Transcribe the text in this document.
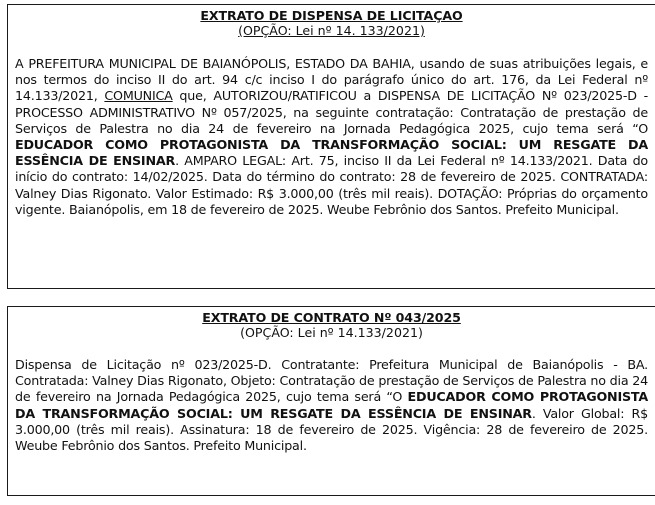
EXTRATO DE DISPENSA DE LICITAÇAO
(OPÇÃO: Lei nº 14. 133/2021)
A PREFEITURA MUNICIPAL DE BAIANÓPOLIS, ESTADO DA BAHIA, usando de suas atribuições legais, e nos termos do inciso II do art. 94 c/c inciso I do parágrafo único do art. 176, da Lei Federal nº 14.133/2021, COMUNICA que, AUTORIZOU/RATIFICOU a DISPENSA DE LICITAÇÃO Nº 023/2025-D - PROCESSO ADMINISTRATIVO Nº 057/2025, na seguinte contratação: Contratação de prestação de Serviços de Palestra no dia 24 de fevereiro na Jornada Pedagógica 2025, cujo tema será “O EDUCADOR COMO PROTAGONISTA DA TRANSFORMAÇÃO SOCIAL: UM RESGATE DA ESSÊNCIA DE ENSINAR. AMPARO LEGAL: Art. 75, inciso II da Lei Federal nº 14.133/2021. Data do início do contrato: 14/02/2025. Data do término do contrato: 28 de fevereiro de 2025. CONTRATADA: Valney Dias Rigonato. Valor Estimado: R$ 3.000,00 (três mil reais). DOTAÇÃO: Próprias do orçamento vigente. Baianópolis, em 18 de fevereiro de 2025. Weube Febrônio dos Santos. Prefeito Municipal.
EXTRATO DE CONTRATO Nº 043/2025
(OPÇÃO: Lei nº 14.133/2021)
Dispensa de Licitação nº 023/2025-D. Contratante: Prefeitura Municipal de Baianópolis - BA. Contratada: Valney Dias Rigonato, Objeto: Contratação de prestação de Serviços de Palestra no dia 24 de fevereiro na Jornada Pedagógica 2025, cujo tema será “O EDUCADOR COMO PROTAGONISTA DA TRANSFORMAÇÃO SOCIAL: UM RESGATE DA ESSÊNCIA DE ENSINAR. Valor Global: R$ 3.000,00 (três mil reais). Assinatura: 18 de fevereiro de 2025. Vigência: 28 de fevereiro de 2025. Weube Febrônio dos Santos. Prefeito Municipal.
